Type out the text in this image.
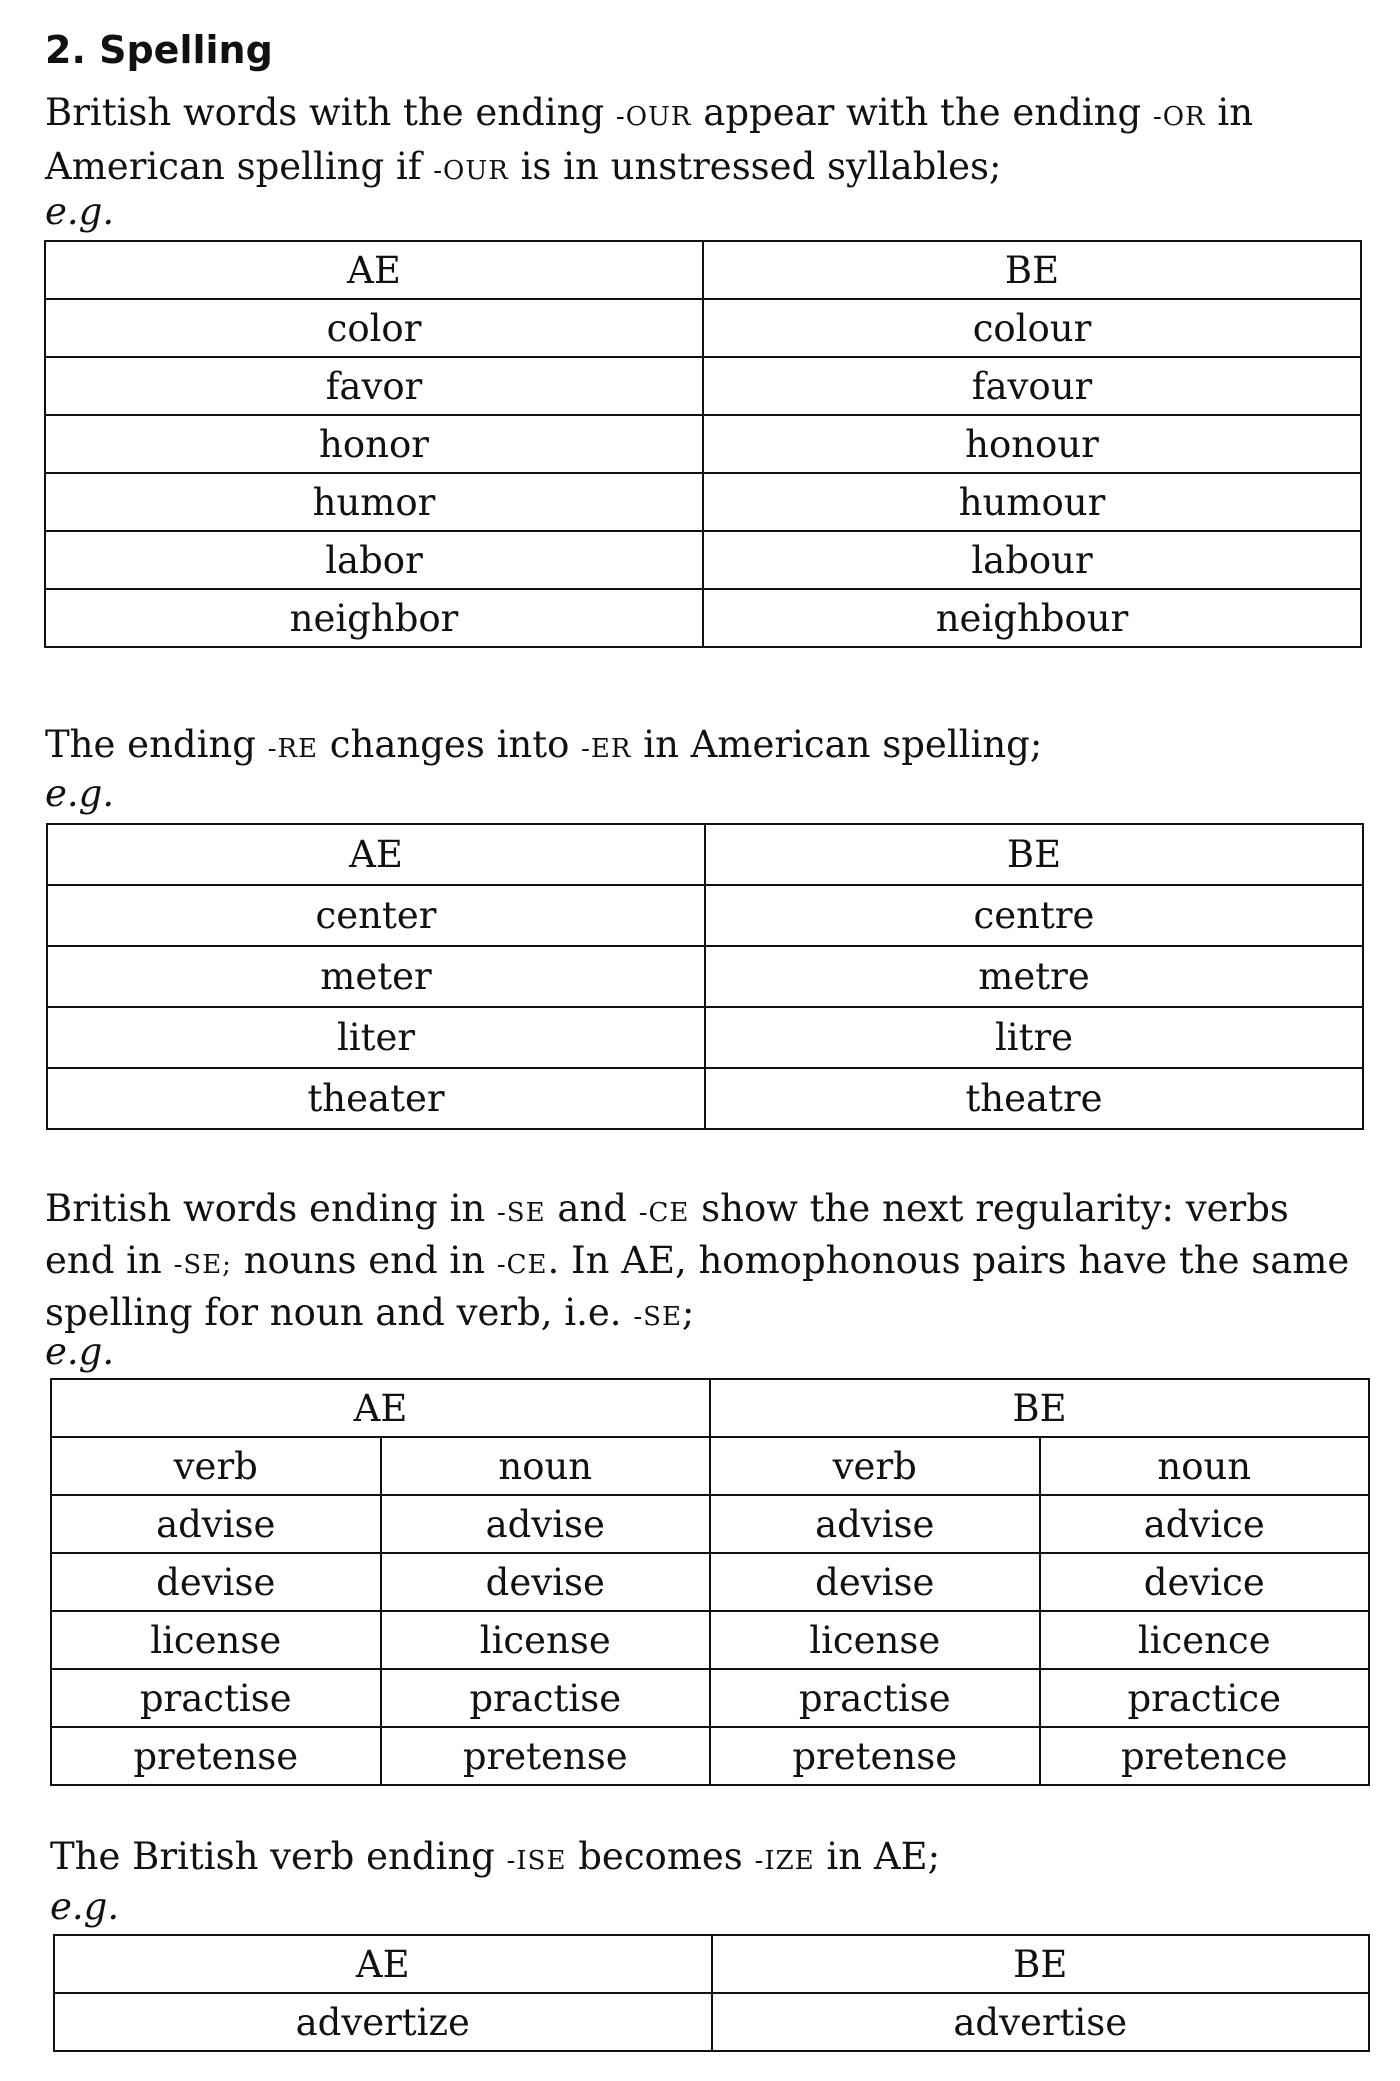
2. Spelling

British words with the ending -OUR appear with the ending -OR in American spelling if -OUR is in unstressed syllables;

e.g.
AE	BE
color	colour
favor	favour
honor	honour
humor	humour
labor	labour
neighbor	neighbour

The ending -RE changes into -ER in American spelling;

e.g.
AE	BE
center	centre
meter	metre
liter	litre
theater	theatre

British words ending in -SE and -CE show the next regularity: verbs end in -SE; nouns end in -CE. In AE, homophonous pairs have the same spelling for noun and verb, i.e. -SE;

e.g.
AE		BE	
verb	noun	verb	noun
advise	advise	advise	advice
devise	devise	devise	device
license	license	license	licence
practise	practise	practise	practice
pretense	pretense	pretense	pretence

The British verb ending -ISE becomes -IZE in AE;

e.g.
AE	BE
advertize	advertise
